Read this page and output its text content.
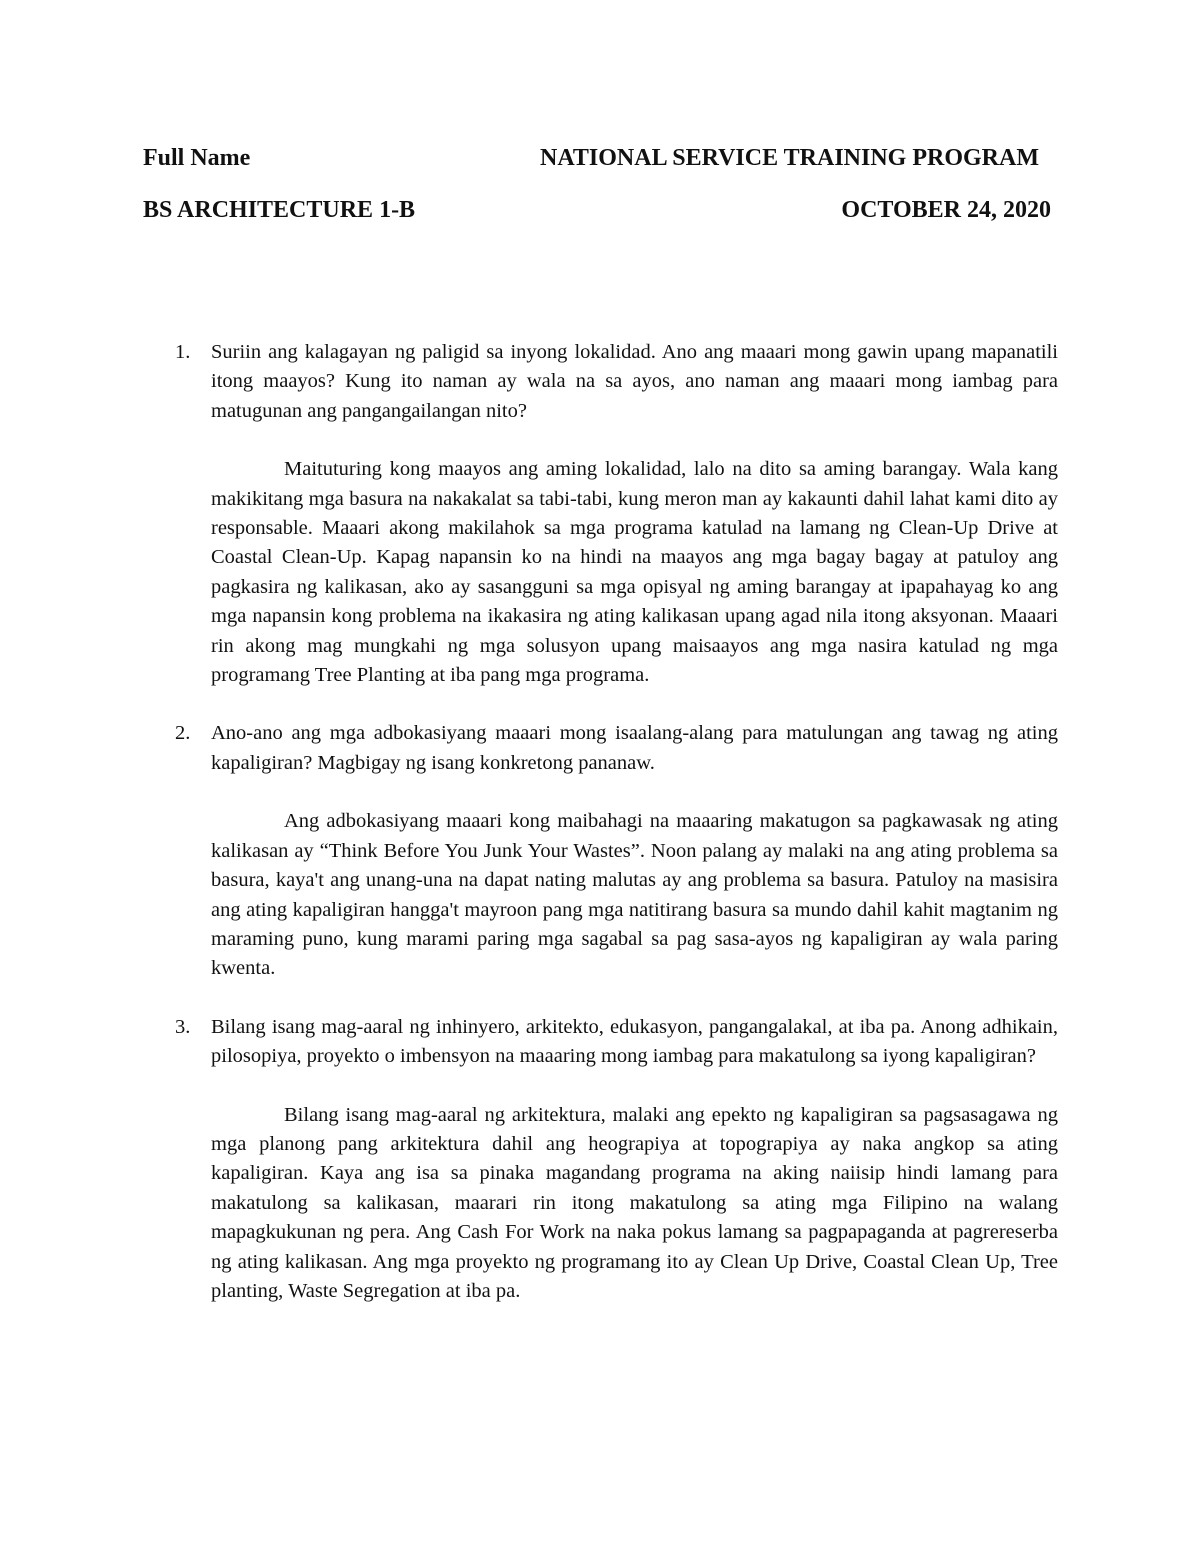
Full Name	NATIONAL SERVICE TRAINING PROGRAM
BS ARCHITECTURE 1-B	OCTOBER 24, 2020
1. Suriin ang kalagayan ng paligid sa inyong lokalidad. Ano ang maaari mong gawin upang mapanatili itong maayos? Kung ito naman ay wala na sa ayos, ano naman ang maaari mong iambag para matugunan ang pangangailangan nito?

Maituturing kong maayos ang aming lokalidad, lalo na dito sa aming barangay. Wala kang makikitang mga basura na nakakalat sa tabi-tabi, kung meron man ay kakaunti dahil lahat kami dito ay responsable. Maaari akong makilahok sa mga programa katulad na lamang ng Clean-Up Drive at Coastal Clean-Up. Kapag napansin ko na hindi na maayos ang mga bagay bagay at patuloy ang pagkasira ng kalikasan, ako ay sasangguni sa mga opisyal ng aming barangay at ipapahayag ko ang mga napansin kong problema na ikakasira ng ating kalikasan upang agad nila itong aksyonan. Maaari rin akong mag mungkahi ng mga solusyon upang maisaayos ang mga nasira katulad ng mga programang Tree Planting at iba pang mga programa.

2. Ano-ano ang mga adbokasiyang maaari mong isaalang-alang para matulungan ang tawag ng ating kapaligiran? Magbigay ng isang konkretong pananaw.

Ang adbokasiyang maaari kong maibahagi na maaaring makatugon sa pagkawasak ng ating kalikasan ay “Think Before You Junk Your Wastes”. Noon palang ay malaki na ang ating problema sa basura, kaya't ang unang-una na dapat nating malutas ay ang problema sa basura. Patuloy na masisira ang ating kapaligiran hangga't mayroon pang mga natitirang basura sa mundo dahil kahit magtanim ng maraming puno, kung marami paring mga sagabal sa pag sasa-ayos ng kapaligiran ay wala paring kwenta.

3. Bilang isang mag-aaral ng inhinyero, arkitekto, edukasyon, pangangalakal, at iba pa. Anong adhikain, pilosopiya, proyekto o imbensyon na maaaring mong iambag para makatulong sa iyong kapaligiran?

Bilang isang mag-aaral ng arkitektura, malaki ang epekto ng kapaligiran sa pagsasagawa ng mga planong pang arkitektura dahil ang heograpiya at topograpiya ay naka angkop sa ating kapaligiran. Kaya ang isa sa pinaka magandang programa na aking naiisip hindi lamang para makatulong sa kalikasan, maarari rin itong makatulong sa ating mga Filipino na walang mapagkukunan ng pera. Ang Cash For Work na naka pokus lamang sa pagpapaganda at pagrereserba ng ating kalikasan. Ang mga proyekto ng programang ito ay Clean Up Drive, Coastal Clean Up, Tree planting, Waste Segregation at iba pa.
